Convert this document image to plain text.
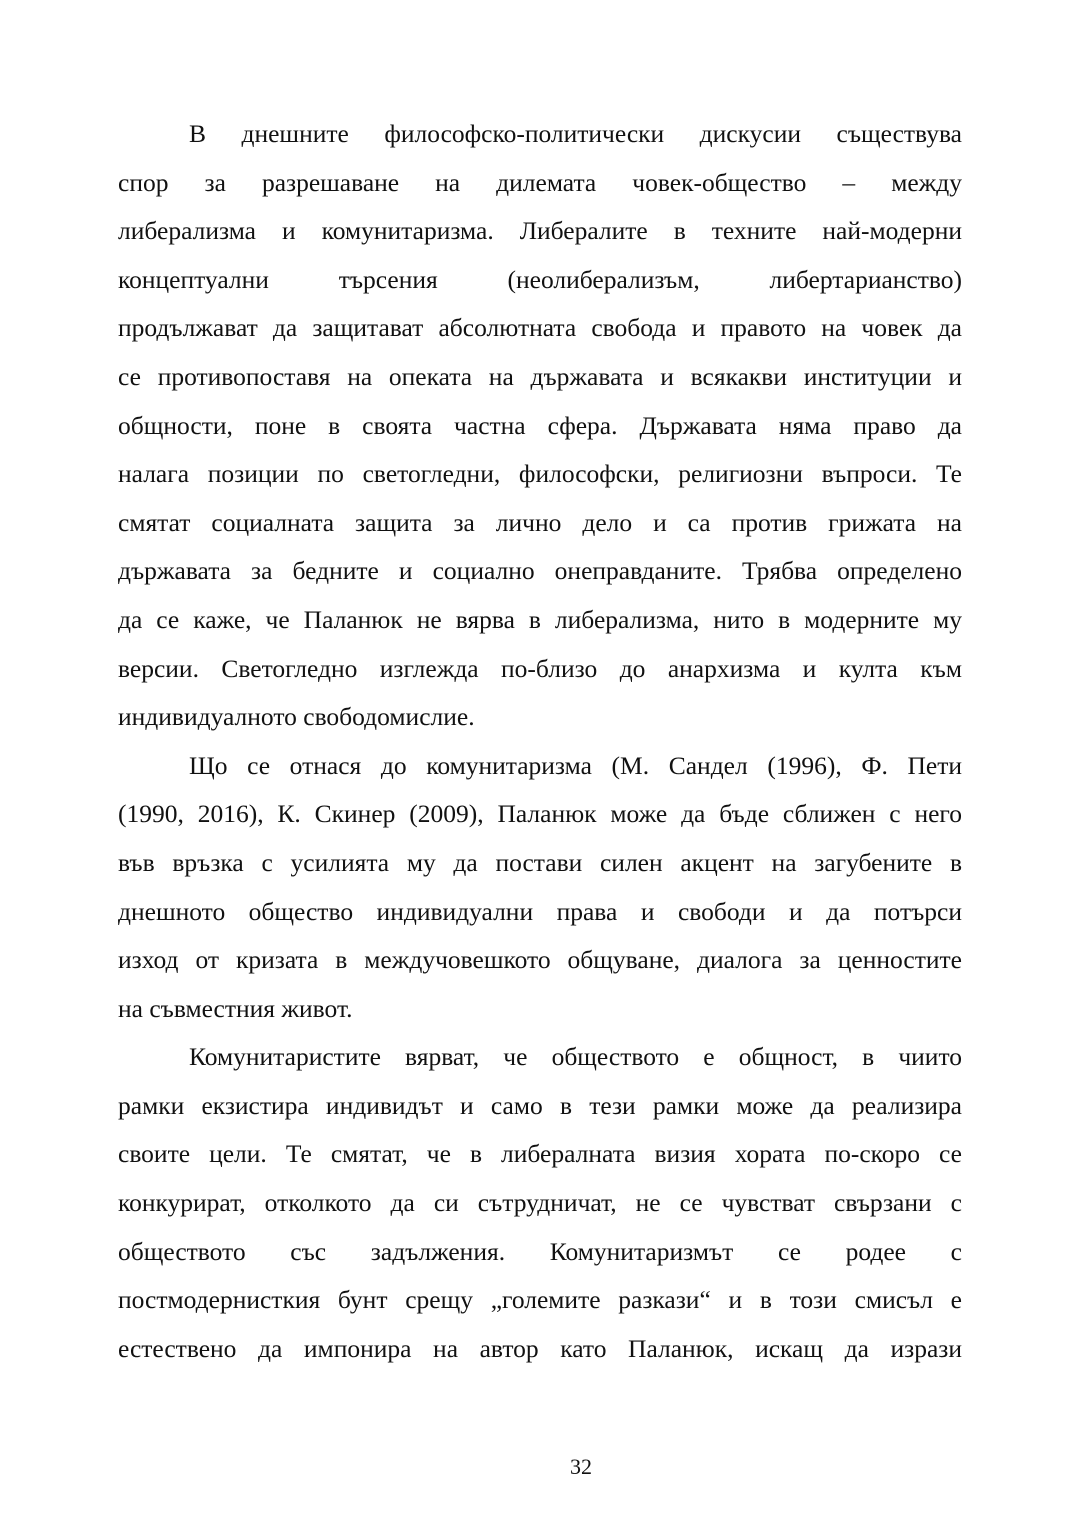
В днешните философско-политически дискусии съществува
спор за разрешаване на дилемата човек-общество – между
либерализма и комунитаризма. Либералите в техните най-модерни
концептуални търсения (неолиберализъм, либертарианство)
продължават да защитават абсолютната свобода и правото на човек да
се противопоставя на опеката на държавата и всякакви институции и
общности, поне в своята частна сфера. Държавата няма право да
налага позиции по светогледни, философски, религиозни въпроси. Те
смятат социалната защита за лично дело и са против грижата на
държавата за бедните и социално онеправданите. Трябва определено
да се каже, че Паланюк не вярва в либерализма, нито в модерните му
версии. Светогледно изглежда по-близо до анархизма и култа към
индивидуалното свободомислие.
Що се отнася до комунитаризма (М. Сандел (1996), Ф. Пети
(1990, 2016), К. Скинер (2009), Паланюк може да бъде сближен с него
във връзка с усилията му да постави силен акцент на загубените в
днешното общество индивидуални права и свободи и да потърси
изход от кризата в междучовешкото общуване, диалога за ценностите
на съвместния живот.
Комунитаристите вярват, че обществото е общност, в чиито
рамки екзистира индивидът и само в тези рамки може да реализира
своите цели. Те смятат, че в либералната визия хората по-скоро се
конкурират, отколкото да си сътрудничат, не се чувстват свързани с
обществото със задължения. Комунитаризмът се родее с
постмодернисткия бунт срещу „големите разкази“ и в този смисъл е
естествено да импонира на автор като Паланюк, искащ да изрази
32
